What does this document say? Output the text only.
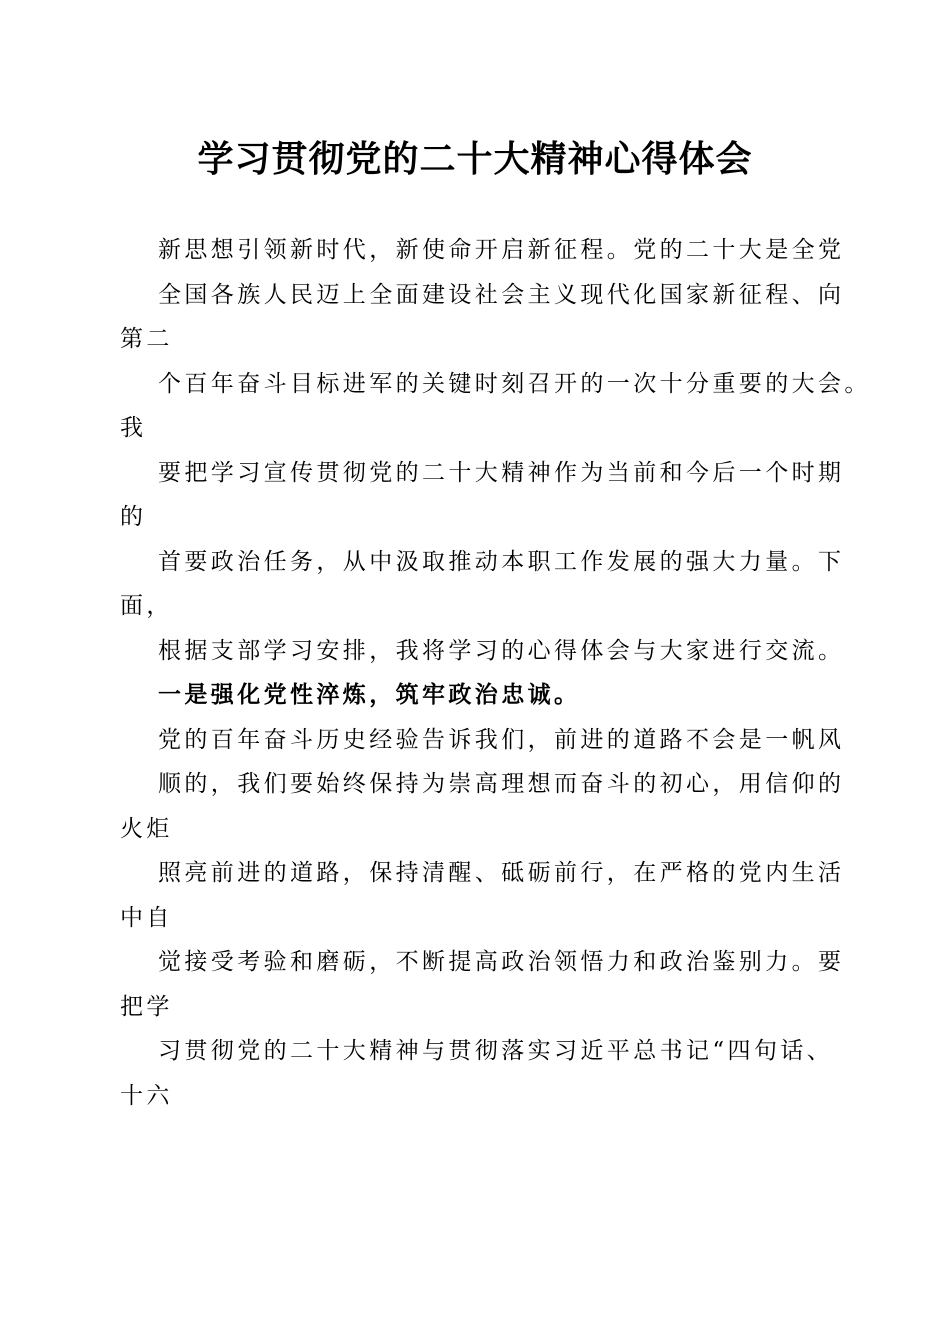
学习贯彻党的二十大精神心得体会
新思想引领新时代，新使命开启新征程。党的二十大是全党
全国各族人民迈上全面建设社会主义现代化国家新征程、向
第二
个百年奋斗目标进军的关键时刻召开的一次十分重要的大会。
我
要把学习宣传贯彻党的二十大精神作为当前和今后一个时期
的
首要政治任务，从中汲取推动本职工作发展的强大力量。下
面，
根据支部学习安排，我将学习的心得体会与大家进行交流。
一是强化党性淬炼，筑牢政治忠诚。
党的百年奋斗历史经验告诉我们，前进的道路不会是一帆风
顺的，我们要始终保持为崇高理想而奋斗的初心，用信仰的
火炬
照亮前进的道路，保持清醒、砥砺前行，在严格的党内生活
中自
觉接受考验和磨砺，不断提高政治领悟力和政治鉴别力。要
把学
习贯彻党的二十大精神与贯彻落实习近平总书记“四句话、
十六
